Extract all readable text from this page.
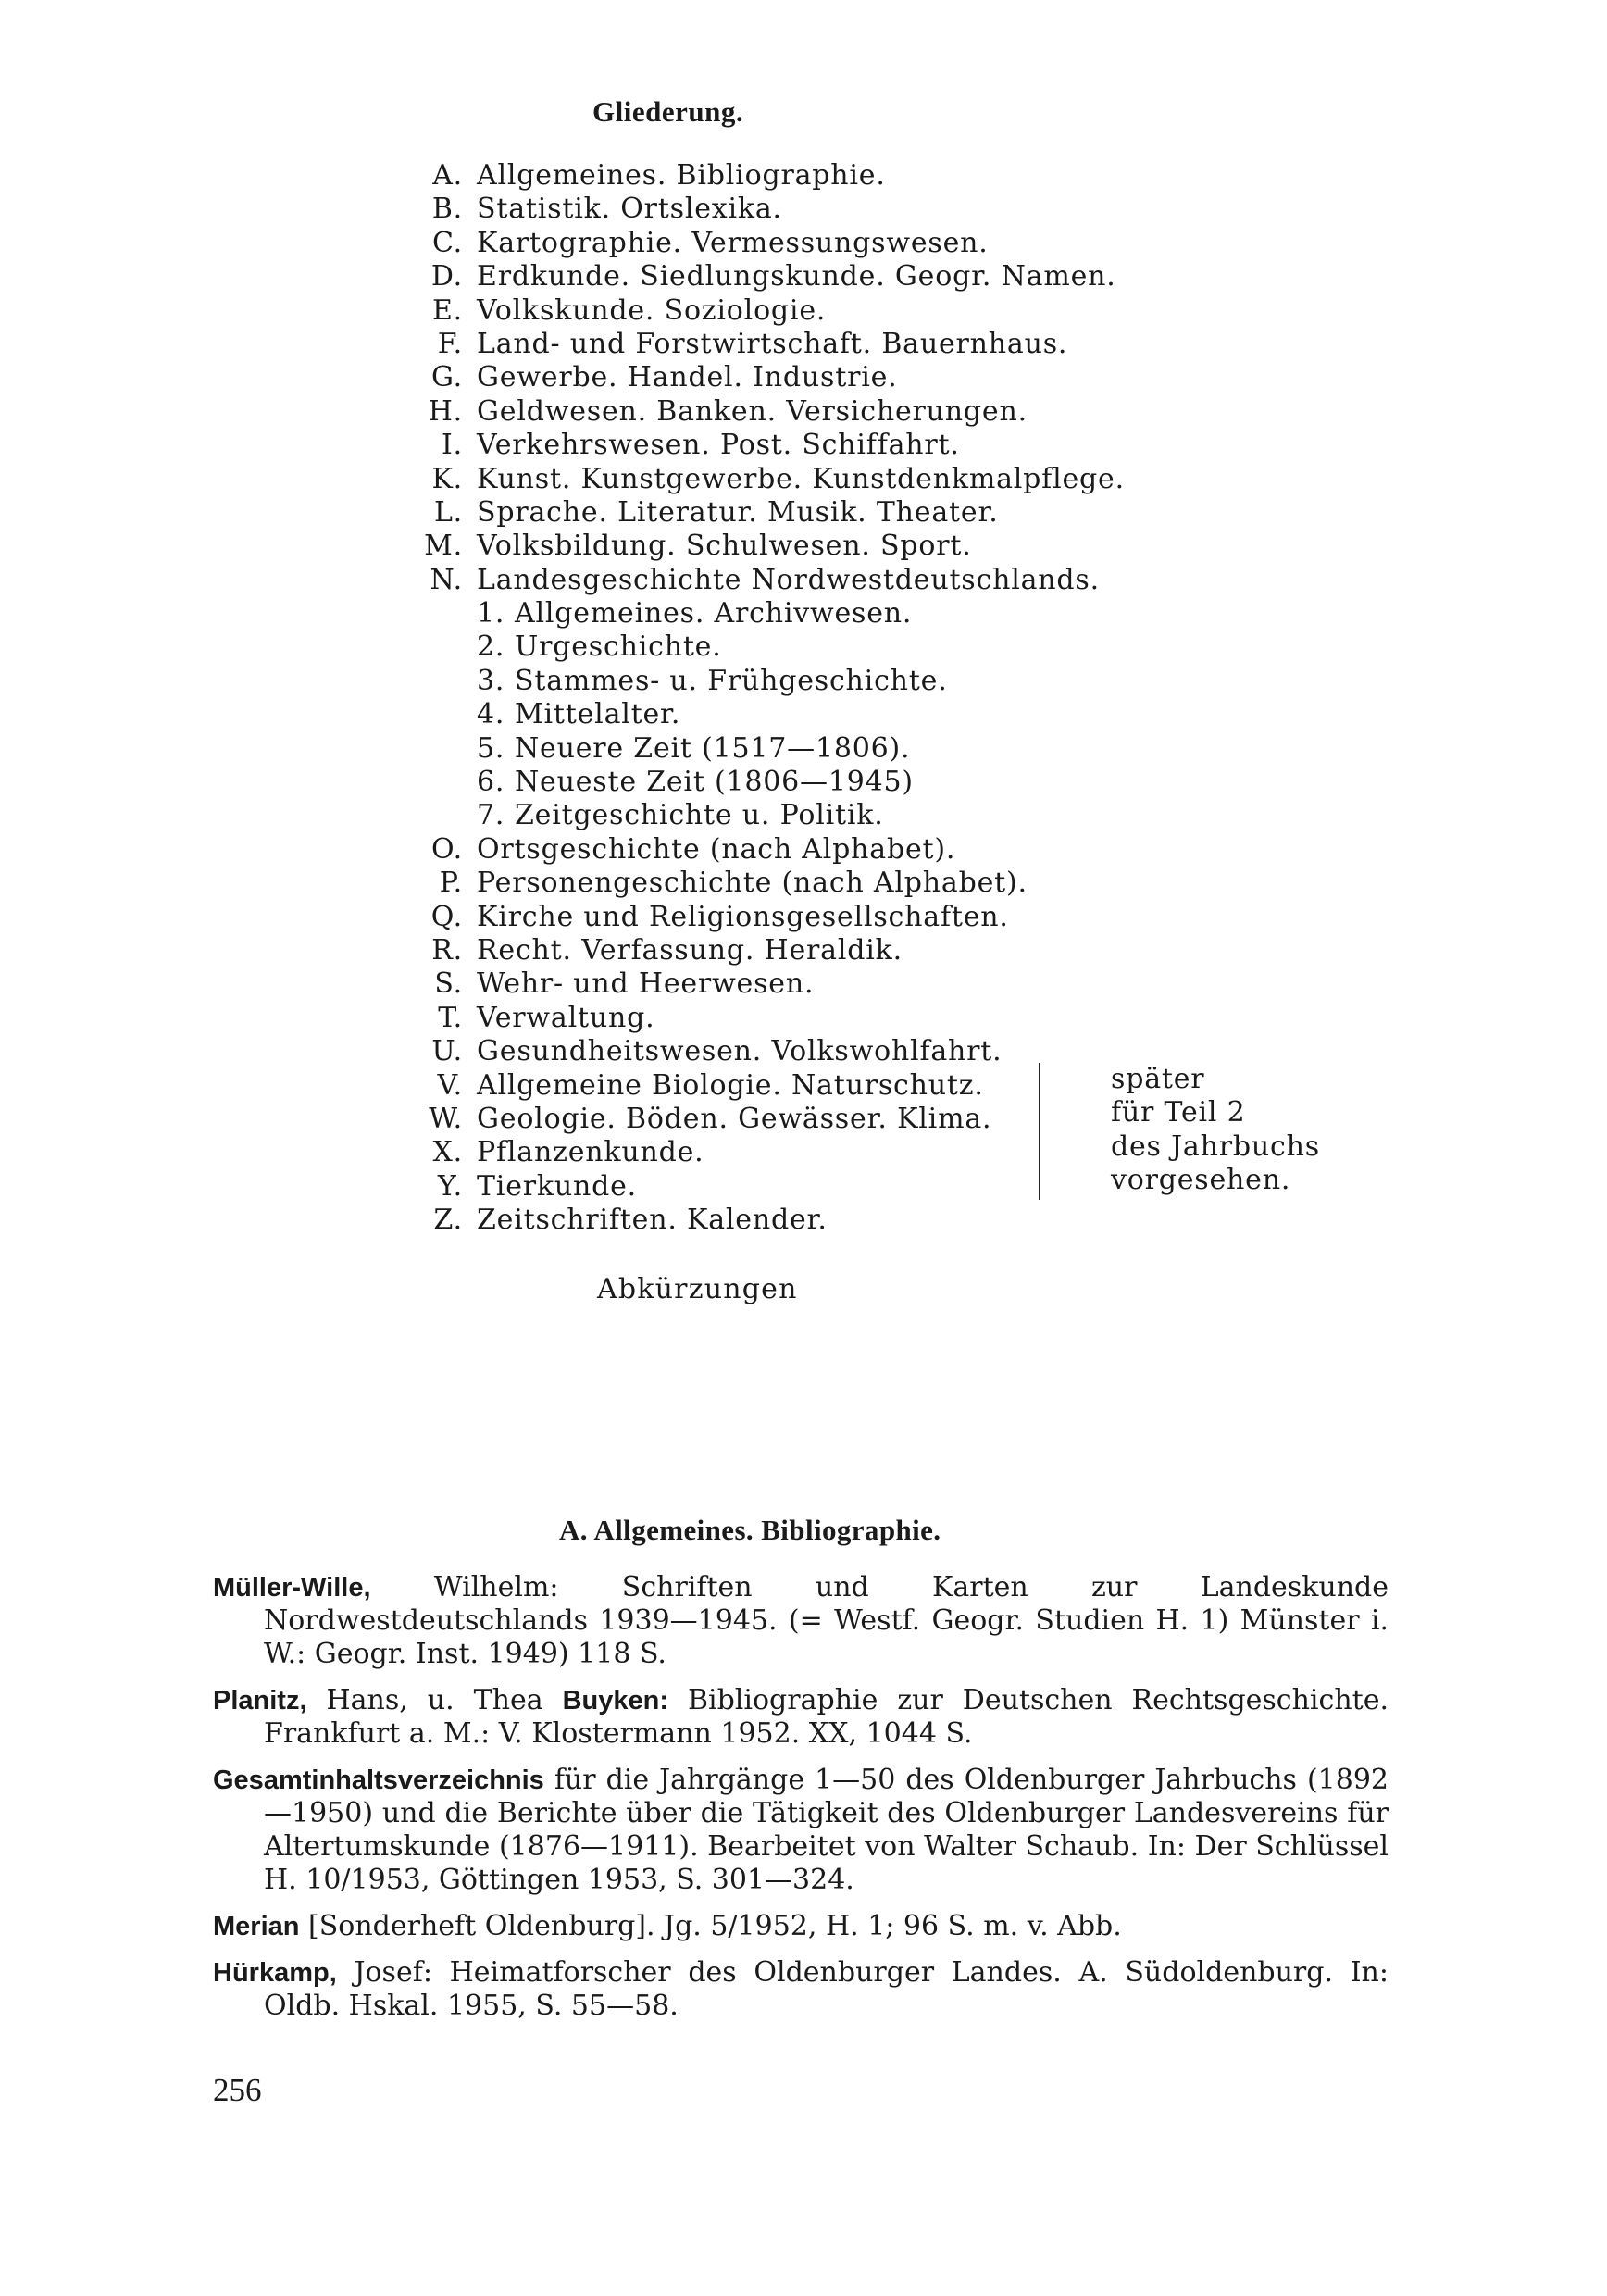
Gliederung.
A. Allgemeines. Bibliographie.
B. Statistik. Ortslexika.
C. Kartographie. Vermessungswesen.
D. Erdkunde. Siedlungskunde. Geogr. Namen.
E. Volkskunde. Soziologie.
F. Land- und Forstwirtschaft. Bauernhaus.
G. Gewerbe. Handel. Industrie.
H. Geldwesen. Banken. Versicherungen.
I. Verkehrswesen. Post. Schiffahrt.
K. Kunst. Kunstgewerbe. Kunstdenkmalpflege.
L. Sprache. Literatur. Musik. Theater.
M. Volksbildung. Schulwesen. Sport.
N. Landesgeschichte Nordwestdeutschlands.
1. Allgemeines. Archivwesen.
2. Urgeschichte.
3. Stammes- u. Frühgeschichte.
4. Mittelalter.
5. Neuere Zeit (1517—1806).
6. Neueste Zeit (1806—1945)
7. Zeitgeschichte u. Politik.
O. Ortsgeschichte (nach Alphabet).
P. Personengeschichte (nach Alphabet).
Q. Kirche und Religionsgesellschaften.
R. Recht. Verfassung. Heraldik.
S. Wehr- und Heerwesen.
T. Verwaltung.
U. Gesundheitswesen. Volkswohlfahrt.
V. Allgemeine Biologie. Naturschutz.
W. Geologie. Böden. Gewässer. Klima.
X. Pflanzenkunde.
Y. Tierkunde.
Z. Zeitschriften. Kalender.
später
für Teil 2
des Jahrbuchs
vorgesehen.
Abkürzungen
A. Allgemeines. Bibliographie.

Müller-Wille, Wilhelm: Schriften und Karten zur Landeskunde Nordwestdeutschlands 1939—1945. (= Westf. Geogr. Studien H. 1) Münster i. W.: Geogr. Inst. 1949) 118 S.

Planitz, Hans, u. Thea Buyken: Bibliographie zur Deutschen Rechtsgeschichte. Frankfurt a. M.: V. Klostermann 1952. XX, 1044 S.

Gesamtinhaltsverzeichnis für die Jahrgänge 1—50 des Oldenburger Jahrbuchs (1892—1950) und die Berichte über die Tätigkeit des Oldenburger Landesvereins für Altertumskunde (1876—1911). Bearbeitet von Walter Schaub. In: Der Schlüssel H. 10/1953, Göttingen 1953, S. 301—324.

Merian [Sonderheft Oldenburg]. Jg. 5/1952, H. 1; 96 S. m. v. Abb.

Hürkamp, Josef: Heimatforscher des Oldenburger Landes. A. Südoldenburg. In: Oldb. Hskal. 1955, S. 55—58.

256
